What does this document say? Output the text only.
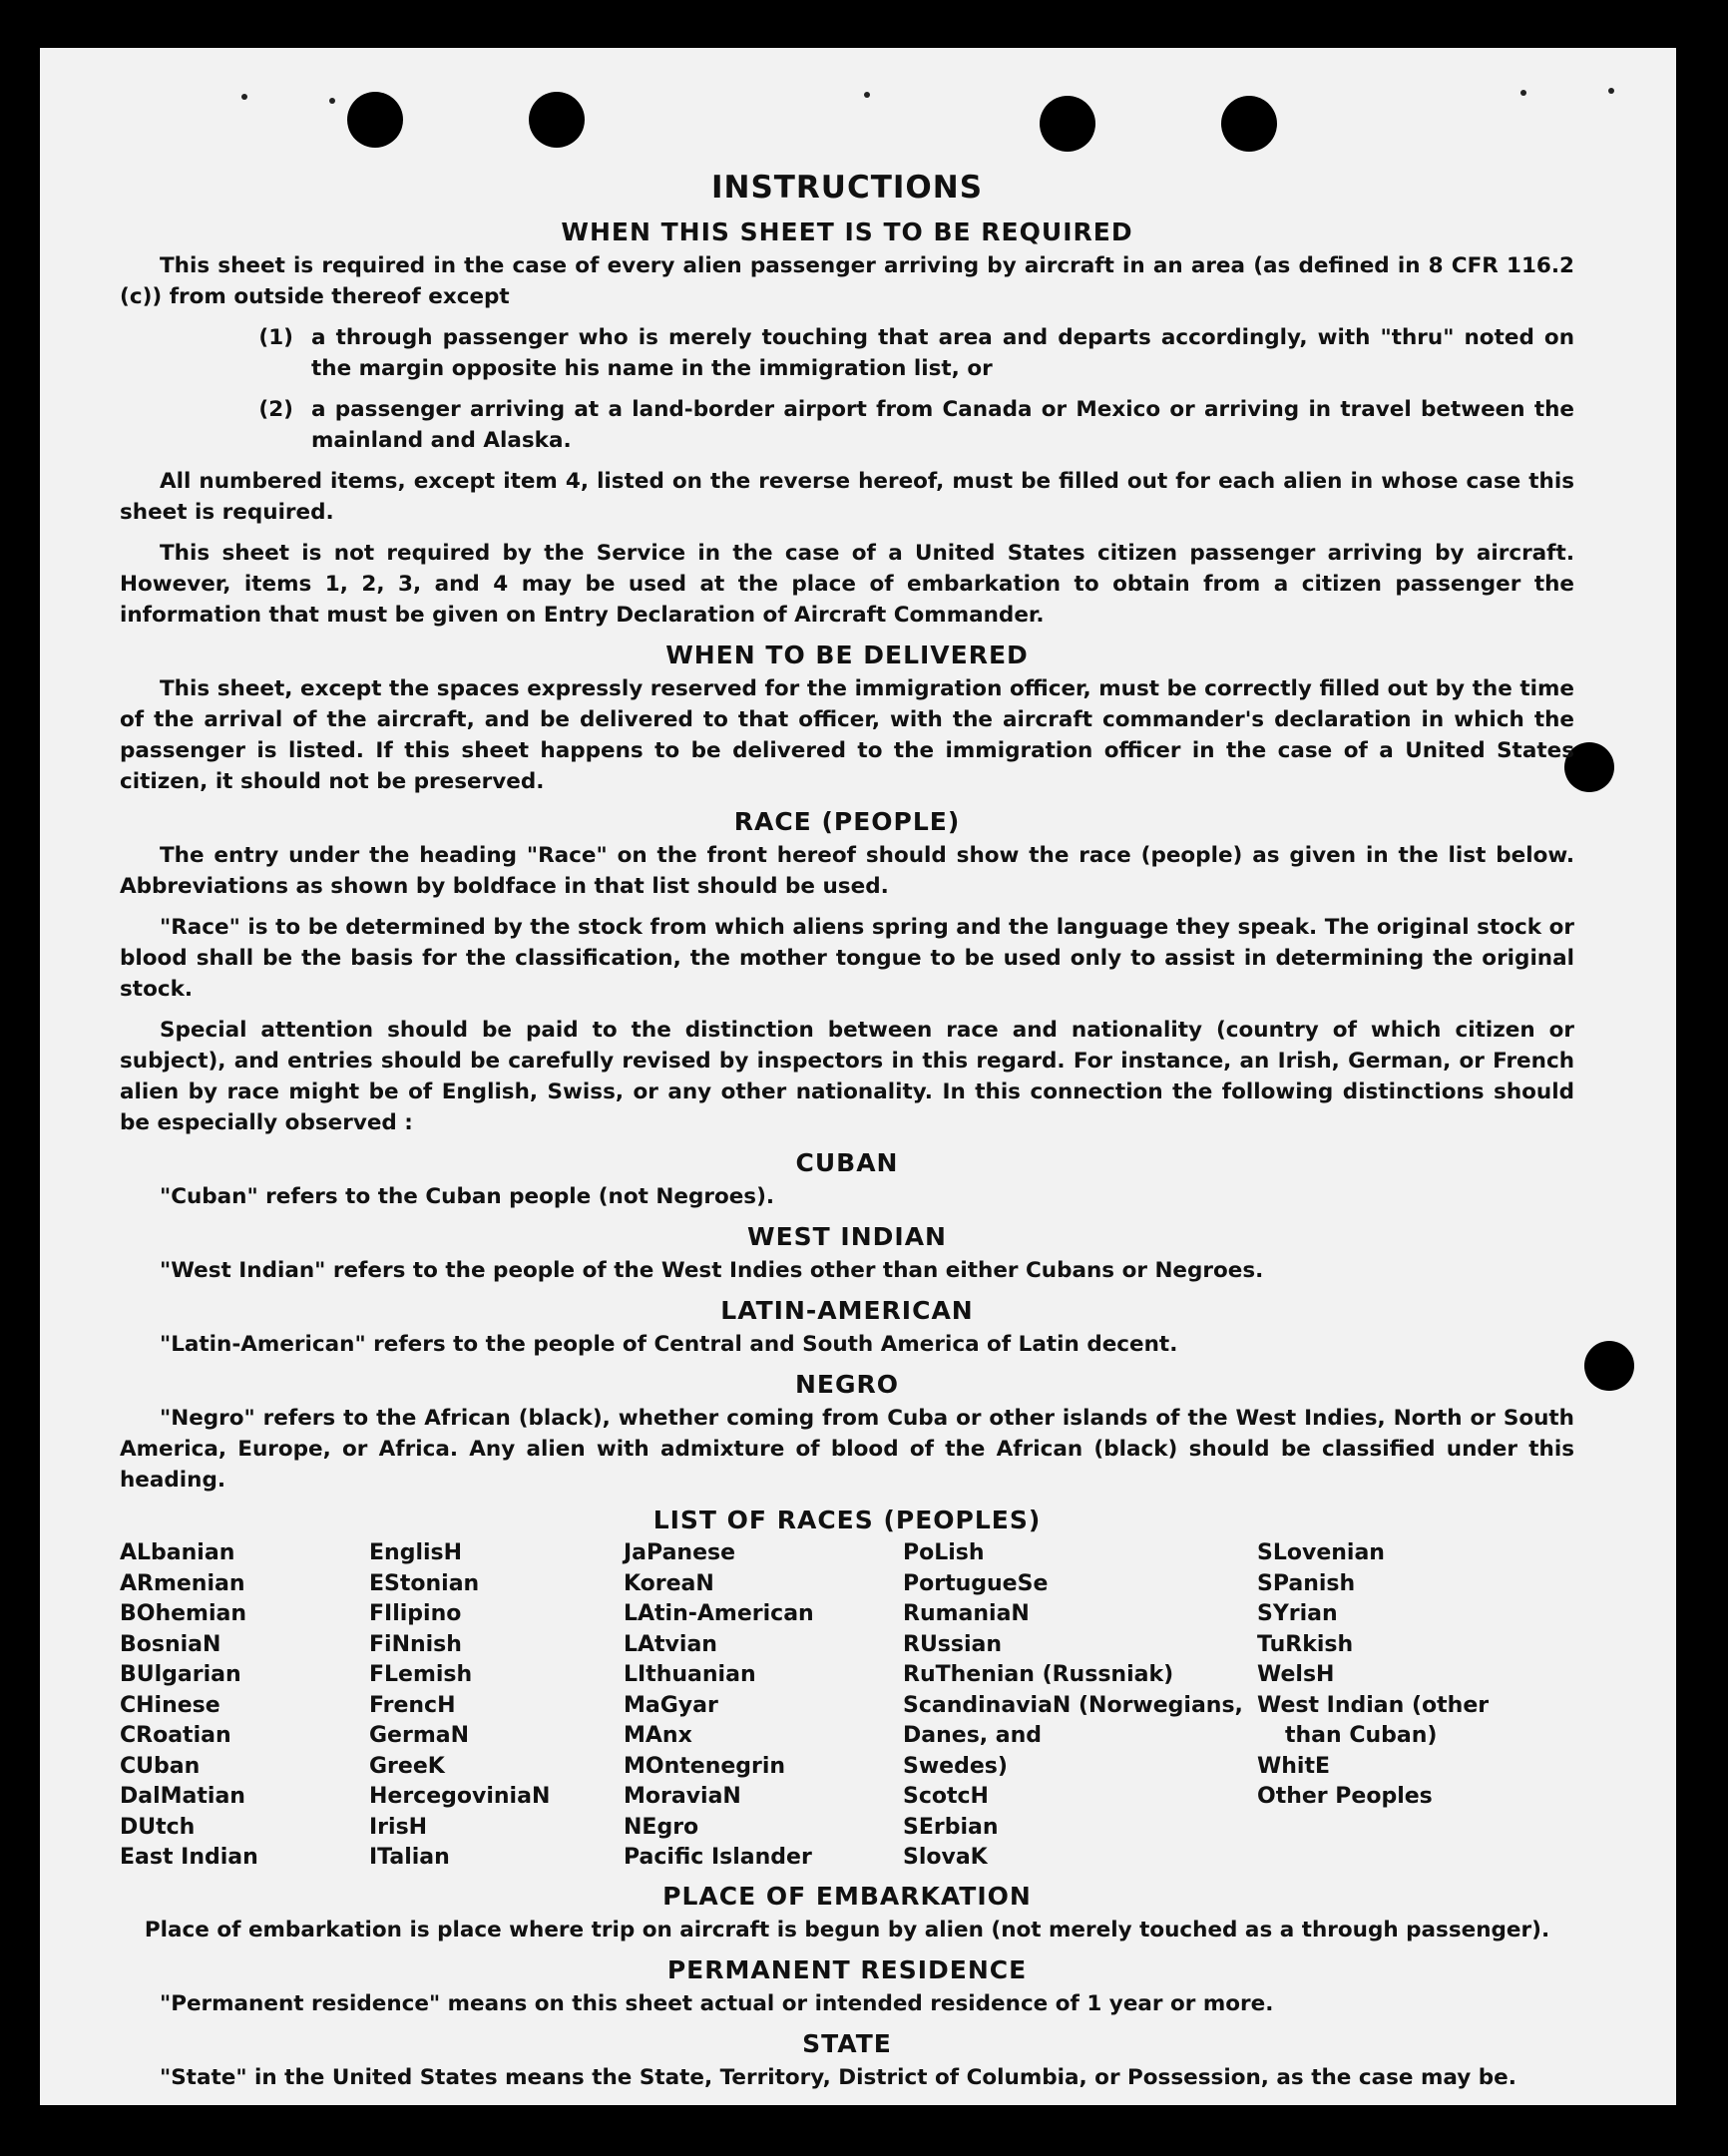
INSTRUCTIONS
WHEN THIS SHEET IS TO BE REQUIRED

This sheet is required in the case of every alien passenger arriving by aircraft in an area (as defined in 8 CFR 116.2 (c)) from outside thereof except

(1) a through passenger who is merely touching that area and departs accordingly, with "thru" noted on the margin opposite his name in the immigration list, or
(2) a passenger arriving at a land-border airport from Canada or Mexico or arriving in travel between the mainland and Alaska.

All numbered items, except item 4, listed on the reverse hereof, must be filled out for each alien in whose case this sheet is required.

This sheet is not required by the Service in the case of a United States citizen passenger arriving by aircraft. However, items 1, 2, 3, and 4 may be used at the place of embarkation to obtain from a citizen passenger the information that must be given on Entry Declaration of Aircraft Commander.

WHEN TO BE DELIVERED

This sheet, except the spaces expressly reserved for the immigration officer, must be correctly filled out by the time of the arrival of the aircraft, and be delivered to that officer, with the aircraft commander's declaration in which the passenger is listed. If this sheet happens to be delivered to the immigration officer in the case of a United States citizen, it should not be preserved.

RACE (PEOPLE)

The entry under the heading "Race" on the front hereof should show the race (people) as given in the list below. Abbreviations as shown by boldface in that list should be used.

"Race" is to be determined by the stock from which aliens spring and the language they speak. The original stock or blood shall be the basis for the classification, the mother tongue to be used only to assist in determining the original stock.

Special attention should be paid to the distinction between race and nationality (country of which citizen or subject), and entries should be carefully revised by inspectors in this regard. For instance, an Irish, German, or French alien by race might be of English, Swiss, or any other nationality. In this connection the following distinctions should be especially observed :

CUBAN

"Cuban" refers to the Cuban people (not Negroes).

WEST INDIAN

"West Indian" refers to the people of the West Indies other than either Cubans or Negroes.

LATIN-AMERICAN

"Latin-American" refers to the people of Central and South America of Latin decent.

NEGRO

"Negro" refers to the African (black), whether coming from Cuba or other islands of the West Indies, North or South America, Europe, or Africa. Any alien with admixture of blood of the African (black) should be classified under this heading.

LIST OF RACES (PEOPLES)
ALbanian
ARmenian
BOhemian
BosniaN
BUlgarian
CHinese
CRoatian
CUban
DalMatian
DUtch
East Indian
EnglisH
EStonian
FIlipino
FiNnish
FLemish
FrencH
GermaN
GreeK
HercegoviniaN
IrisH
ITalian
JaPanese
KoreaN
LAtin-American
LAtvian
LIthuanian
MaGyar
MAnx
MOntenegrin
MoraviaN
NEgro
Pacific Islander
PoLish
PortugueSe
RumaniaN
RUssian
RuThenian (Russniak)
ScandinaviaN (Norwegians,
Danes, and
Swedes)
ScotcH
SErbian
SlovaK
SLovenian
SPanish
SYrian
TuRkish
WelsH
West Indian (other
than Cuban)
WhitE
Other Peoples
PLACE OF EMBARKATION

Place of embarkation is place where trip on aircraft is begun by alien (not merely touched as a through passenger).

PERMANENT RESIDENCE

"Permanent residence" means on this sheet actual or intended residence of 1 year or more.

STATE

"State" in the United States means the State, Territory, District of Columbia, or Possession, as the case may be.
